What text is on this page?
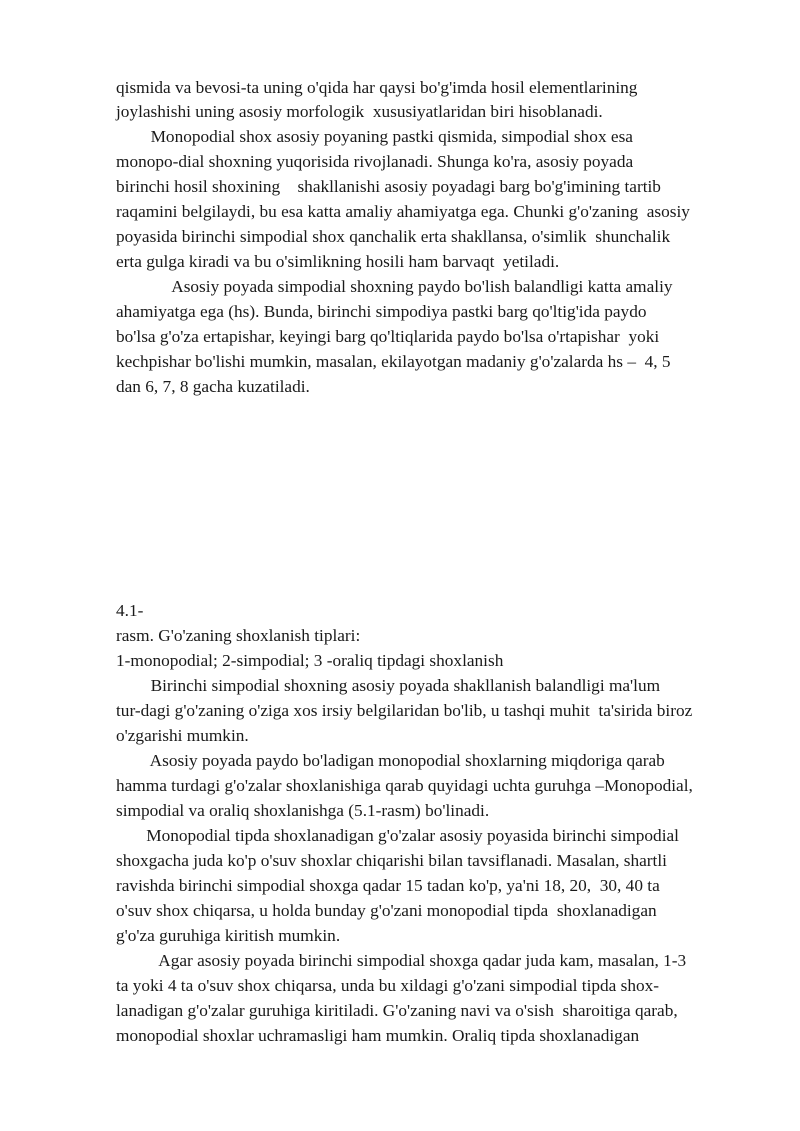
qismida va bevosi-ta uning o'qida har qaysi bo'g'imda hosil elementlarining

joylashishi uning asosiy morfologik  xususiyatlaridan biri hisoblanadi.

Monopodial shox asosiy poyaning pastki qismida, simpodial shox esa

monopo-dial shoxning yuqorisida rivojlanadi. Shunga ko'ra, asosiy poyada

birinchi hosil shoxining    shakllanishi asosiy poyadagi barg bo'g'imining tartib

raqamini belgilaydi, bu esa katta amaliy ahamiyatga ega. Chunki g'o'zaning  asosiy

poyasida birinchi simpodial shox qanchalik erta shakllansa, o'simlik  shunchalik

erta gulga kiradi va bu o'simlikning hosili ham barvaqt  yetiladi.

Asosiy poyada simpodial shoxning paydo bo'lish balandligi katta amaliy

ahamiyatga ega (hs). Bunda, birinchi simpodiya pastki barg qo'ltig'ida paydo

bo'lsa g'o'za ertapishar, keyingi barg qo'ltiqlarida paydo bo'lsa o'rtapishar  yoki

kechpishar bo'lishi mumkin, masalan, ekilayotgan madaniy g'o'zalarda hs –  4, 5

dan 6, 7, 8 gacha kuzatiladi.

4.1-

rasm. G'o'zaning shoxlanish tiplari:

1-monopodial; 2-simpodial; 3 -oraliq tipdagi shoxlanish

Birinchi simpodial shoxning asosiy poyada shakllanish balandligi ma'lum

tur-dagi g'o'zaning o'ziga xos irsiy belgilaridan bo'lib, u tashqi muhit  ta'sirida biroz

o'zgarishi mumkin.

Asosiy poyada paydo bo'ladigan monopodial shoxlarning miqdoriga qarab

hamma turdagi g'o'zalar shoxlanishiga qarab quyidagi uchta guruhga –Monopodial,

simpodial va oraliq shoxlanishga (5.1-rasm) bo'linadi.

Monopodial tipda shoxlanadigan g'o'zalar asosiy poyasida birinchi simpodial

shoxgacha juda ko'p o'suv shoxlar chiqarishi bilan tavsiflanadi. Masalan, shartli

ravishda birinchi simpodial shoxga qadar 15 tadan ko'p, ya'ni 18, 20,  30, 40 ta

o'suv shox chiqarsa, u holda bunday g'o'zani monopodial tipda  shoxlanadigan

g'o'za guruhiga kiritish mumkin.

Agar asosiy poyada birinchi simpodial shoxga qadar juda kam, masalan, 1-3

ta yoki 4 ta o'suv shox chiqarsa, unda bu xildagi g'o'zani simpodial tipda shox-

lanadigan g'o'zalar guruhiga kiritiladi. G'o'zaning navi va o'sish  sharoitiga qarab,

monopodial shoxlar uchramasligi ham mumkin. Oraliq tipda shoxlanadigan
